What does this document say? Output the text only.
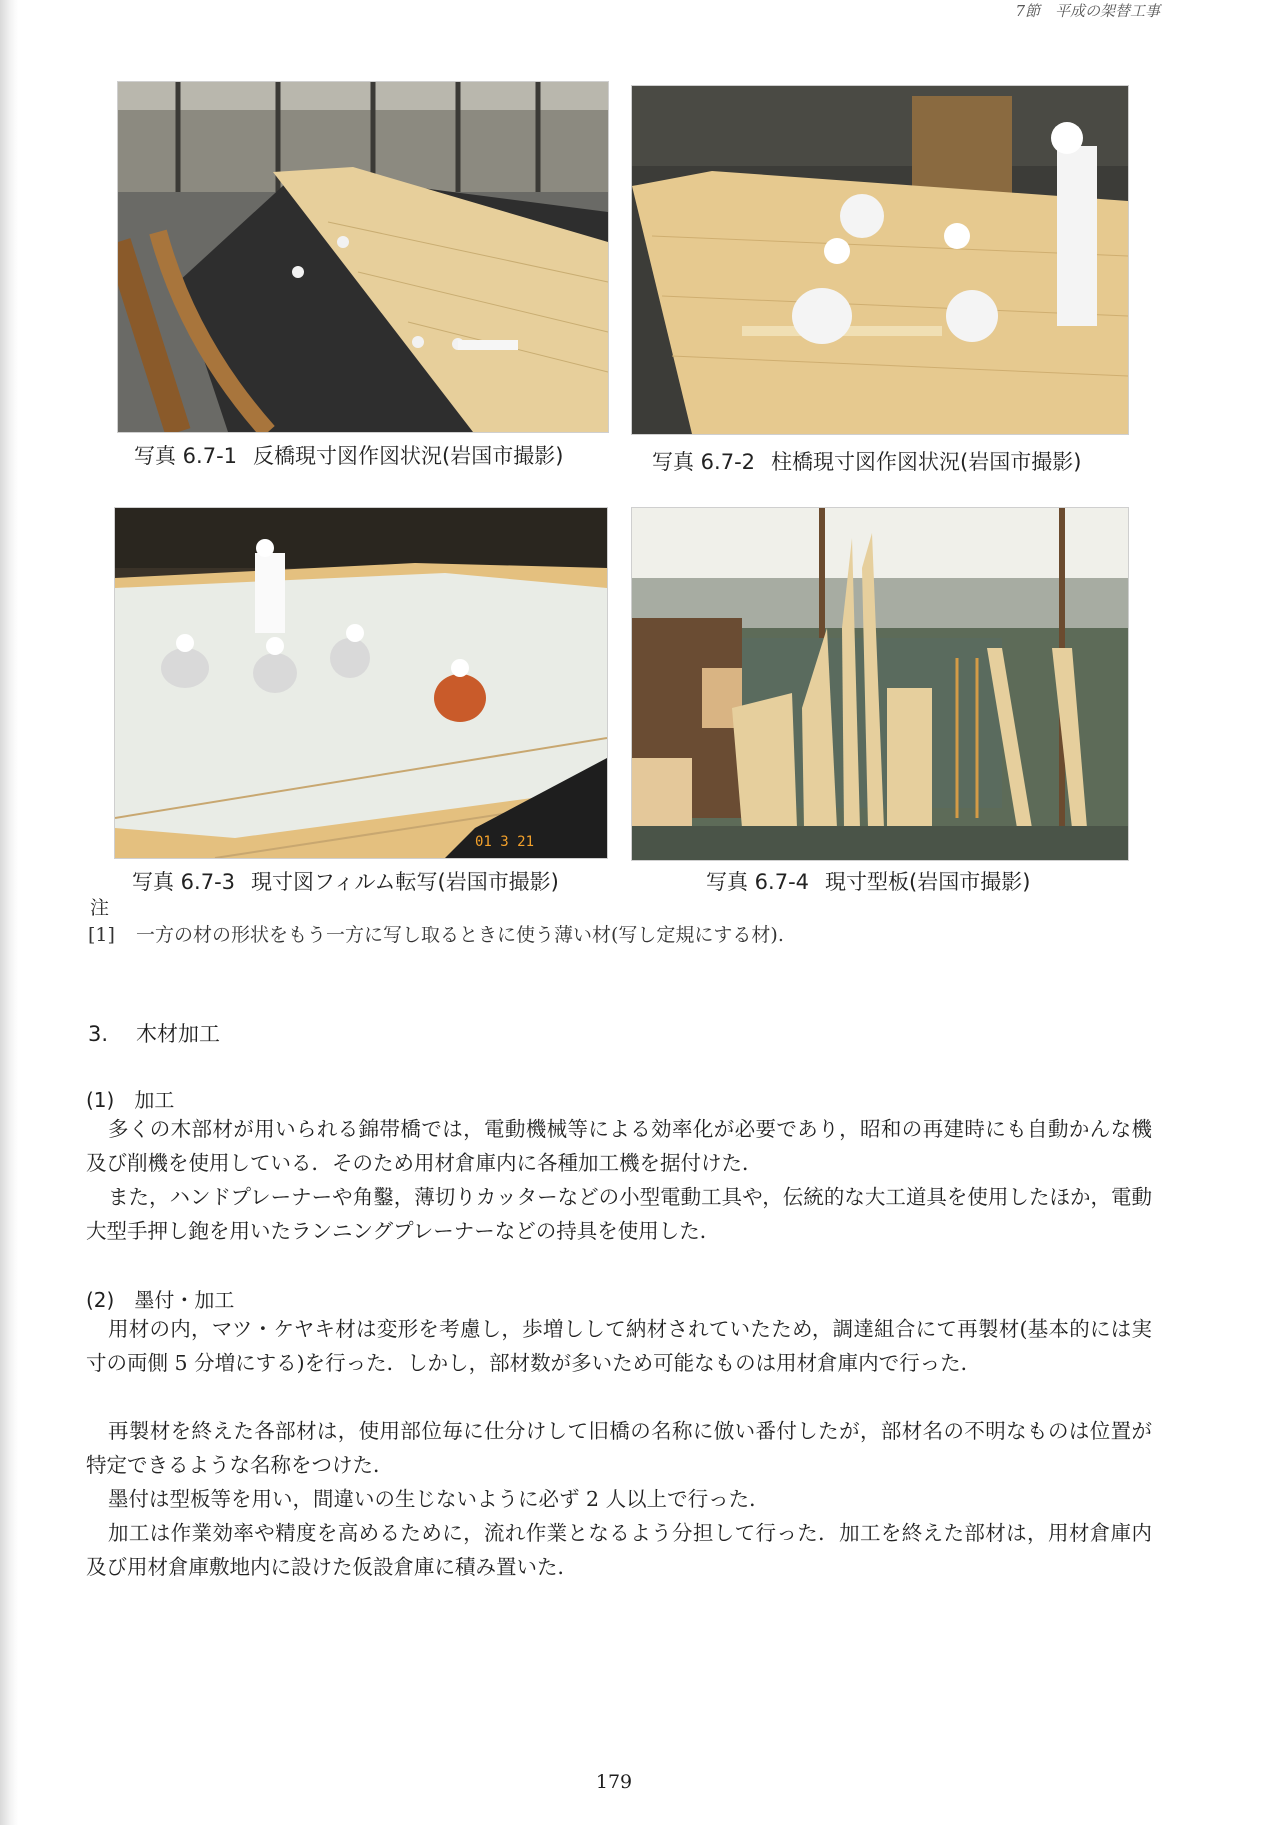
7節　平成の架替工事
写真 6.7-1 反橋現寸図作図状況(岩国市撮影)	写真 6.7-2 柱橋現寸図作図状況(岩国市撮影)
01 3 21
写真 6.7-3 現寸図フィルム転写(岩国市撮影)	写真 6.7-4 現寸型板(岩国市撮影)
注
[1] 一方の材の形状をもう一方に写し取るときに使う薄い材(写し定規にする材).
3. 木材加工
(1) 加工

多くの木部材が用いられる錦帯橋では，電動機械等による効率化が必要であり，昭和の再建時にも自動かんな機及び削機を使用している．そのため用材倉庫内に各種加工機を据付けた．

また，ハンドプレーナーや角鑿，薄切りカッターなどの小型電動工具や，伝統的な大工道具を使用したほか，電動大型手押し鉋を用いたランニングプレーナーなどの持具を使用した．

(2) 墨付・加工

用材の内，マツ・ケヤキ材は変形を考慮し，歩増しして納材されていたため，調達組合にて再製材(基本的には実寸の両側 5 分増にする)を行った．しかし，部材数が多いため可能なものは用材倉庫内で行った．

再製材を終えた各部材は，使用部位毎に仕分けして旧橋の名称に倣い番付したが，部材名の不明なものは位置が特定できるような名称をつけた．

墨付は型板等を用い，間違いの生じないように必ず 2 人以上で行った．

加工は作業効率や精度を高めるために，流れ作業となるよう分担して行った．加工を終えた部材は，用材倉庫内及び用材倉庫敷地内に設けた仮設倉庫に積み置いた．

179
